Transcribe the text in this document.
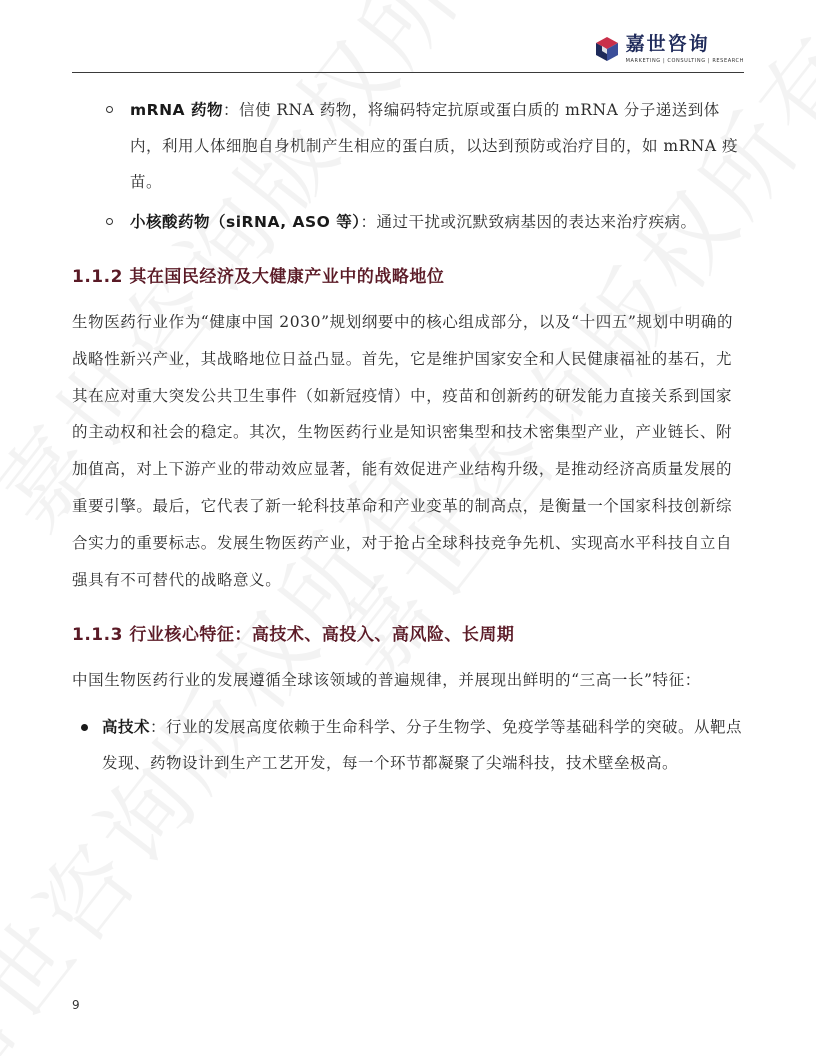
嘉世咨询
MARKETING | CONSULTING | RESEARCH
mRNA 药物：信使 RNA 药物，将编码特定抗原或蛋白质的 mRNA 分子递送到体内，利用人体细胞自身机制产生相应的蛋白质，以达到预防或治疗目的，如 mRNA 疫苗。
小核酸药物（siRNA, ASO 等）：通过干扰或沉默致病基因的表达来治疗疾病。
1.1.2 其在国民经济及大健康产业中的战略地位

生物医药行业作为“健康中国 2030”规划纲要中的核心组成部分，以及“十四五”规划中明确的战略性新兴产业，其战略地位日益凸显。首先，它是维护国家安全和人民健康福祉的基石，尤其在应对重大突发公共卫生事件（如新冠疫情）中，疫苗和创新药的研发能力直接关系到国家的主动权和社会的稳定。其次，生物医药行业是知识密集型和技术密集型产业，产业链长、附加值高，对上下游产业的带动效应显著，能有效促进产业结构升级，是推动经济高质量发展的重要引擎。最后，它代表了新一轮科技革命和产业变革的制高点，是衡量一个国家科技创新综合实力的重要标志。发展生物医药产业，对于抢占全球科技竞争先机、实现高水平科技自立自强具有不可替代的战略意义。

1.1.3 行业核心特征：高技术、高投入、高风险、长周期

中国生物医药行业的发展遵循全球该领域的普遍规律，并展现出鲜明的“三高一长”特征：

高技术：行业的发展高度依赖于生命科学、分子生物学、免疫学等基础科学的突破。从靶点发现、药物设计到生产工艺开发，每一个环节都凝聚了尖端科技，技术壁垒极高。
9
